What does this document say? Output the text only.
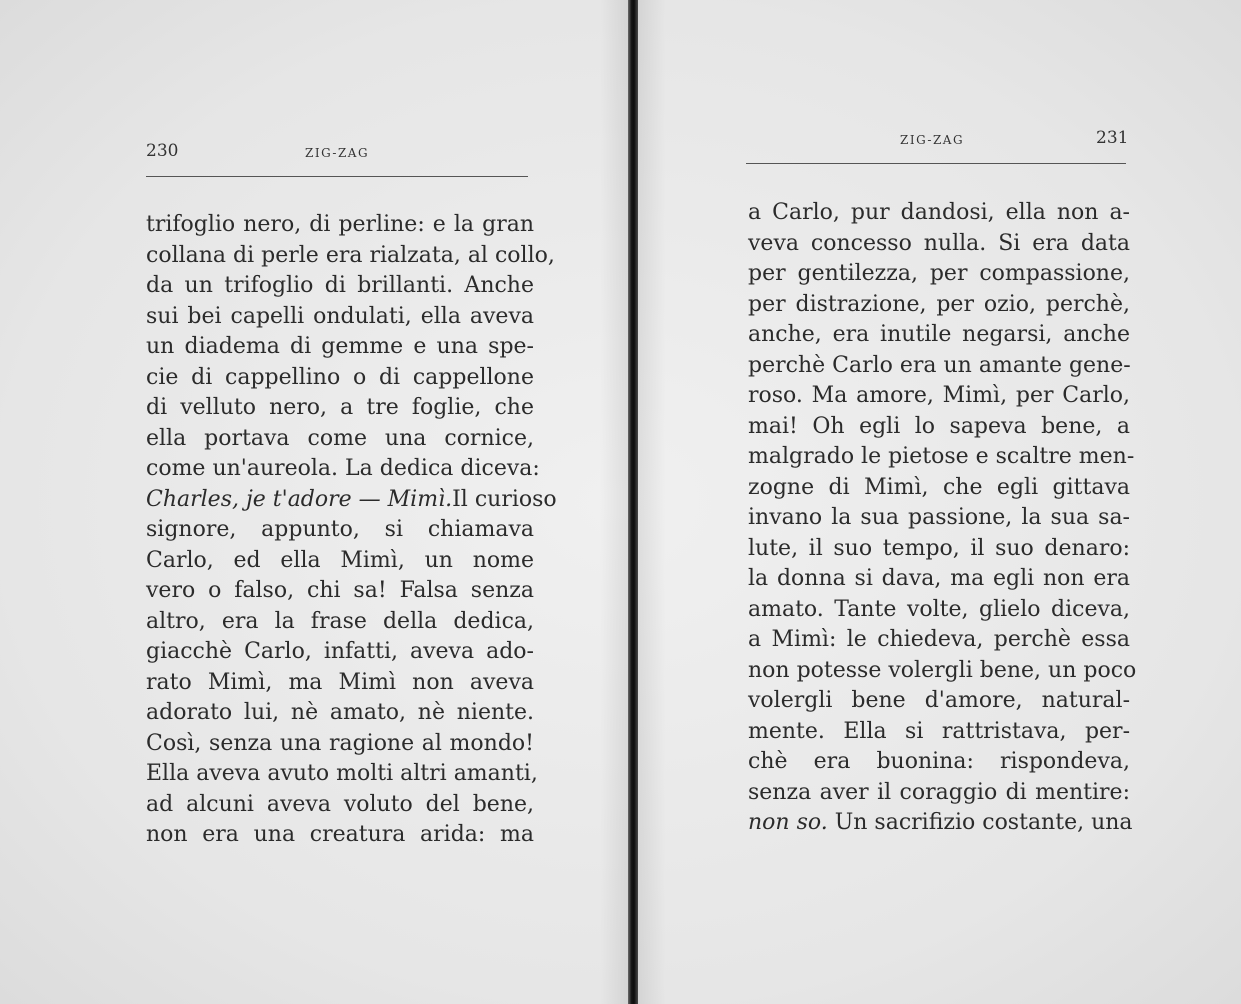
230	ZIG-ZAG
trifoglio nero, di perline: e la gran
collana di perle era rialzata, al collo,
da un trifoglio di brillanti. Anche
sui bei capelli ondulati, ella aveva
un diadema di gemme e una spe-
cie di cappellino o di cappellone
di velluto nero, a tre foglie, che
ella portava come una cornice,
come un'aureola. La dedica diceva:
Charles, je t'adore — Mimì.Il curioso
signore, appunto, si chiamava
Carlo, ed ella Mimì, un nome
vero o falso, chi sa! Falsa senza
altro, era la frase della dedica,
giacchè Carlo, infatti, aveva ado-
rato Mimì, ma Mimì non aveva
adorato lui, nè amato, nè niente.
Così, senza una ragione al mondo!
Ella aveva avuto molti altri amanti,
ad alcuni aveva voluto del bene,
non era una creatura arida: ma
ZIG-ZAG	231
a Carlo, pur dandosi, ella non a-
veva concesso nulla. Si era data
per gentilezza, per compassione,
per distrazione, per ozio, perchè,
anche, era inutile negarsi, anche
perchè Carlo era un amante gene-
roso. Ma amore, Mimì, per Carlo,
mai! Oh egli lo sapeva bene, a
malgrado le pietose e scaltre men-
zogne di Mimì, che egli gittava
invano la sua passione, la sua sa-
lute, il suo tempo, il suo denaro:
la donna si dava, ma egli non era
amato. Tante volte, glielo diceva,
a Mimì: le chiedeva, perchè essa
non potesse volergli bene, un poco
volergli bene d'amore, natural-
mente. Ella si rattristava, per-
chè era buonina: rispondeva,
senza aver il coraggio di mentire:
non so. Un sacrifizio costante, una
